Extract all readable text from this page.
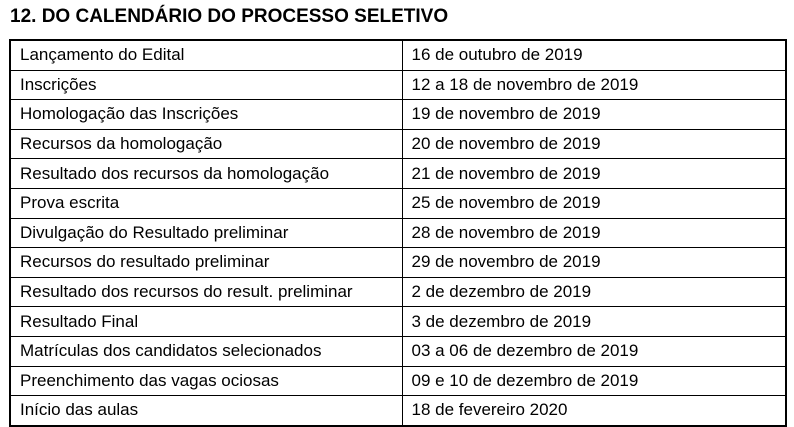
12. DO CALENDÁRIO DO PROCESSO SELETIVO
Lançamento do Edital	16 de outubro de 2019
Inscrições	12 a 18 de novembro de 2019
Homologação das Inscrições	19 de novembro de 2019
Recursos da homologação	20 de novembro de 2019
Resultado dos recursos da homologação	21 de novembro de 2019
Prova escrita	25 de novembro de 2019
Divulgação do Resultado preliminar	28 de novembro de 2019
Recursos do resultado preliminar	29 de novembro de 2019
Resultado dos recursos do result. preliminar	2 de dezembro de 2019
Resultado Final	3 de dezembro de 2019
Matrículas dos candidatos selecionados	03 a 06 de dezembro de 2019
Preenchimento das vagas ociosas	09 e 10 de dezembro de 2019
Início das aulas	18 de fevereiro 2020
